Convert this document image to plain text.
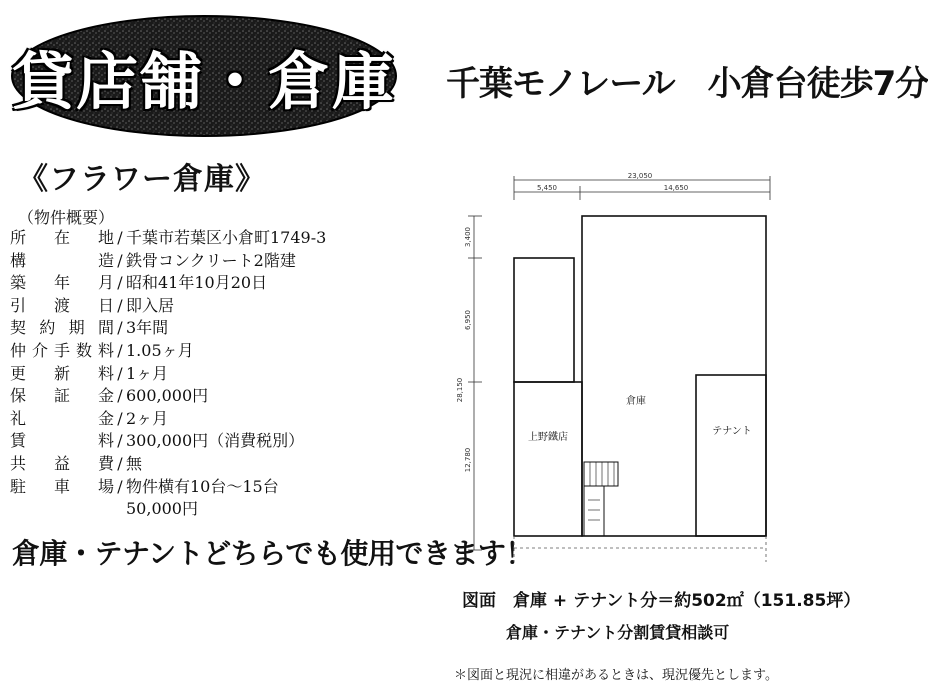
貸店舗・倉庫
《フラワー倉庫》
（物件概要）
所在地 / 千葉市若葉区小倉町1749-3
構造 / 鉄骨コンクリート2階建
築年月 / 昭和41年10月20日
引渡日 / 即入居
契約期間 / 3年間
仲介手数料 / 1.05ヶ月
更新料 / 1ヶ月
保証金 / 600,000円
礼金 / 2ヶ月
賃料 / 300,000円（消費税別）
共益費 / 無
駐車場 / 物件横有10台～15台
50,000円
倉庫・テナントどちらでも使用できます！
千葉モノレール　小倉台徒歩7分
23,050
5,450	14,650
3,400
6,950
28,150
12,780
倉庫
テナント
上野鐵店
図面　倉庫 + テナント分＝約502㎡（151.85坪）
倉庫・テナント分割賃貸相談可
＊図面と現況に相違があるときは、現況優先とします。
